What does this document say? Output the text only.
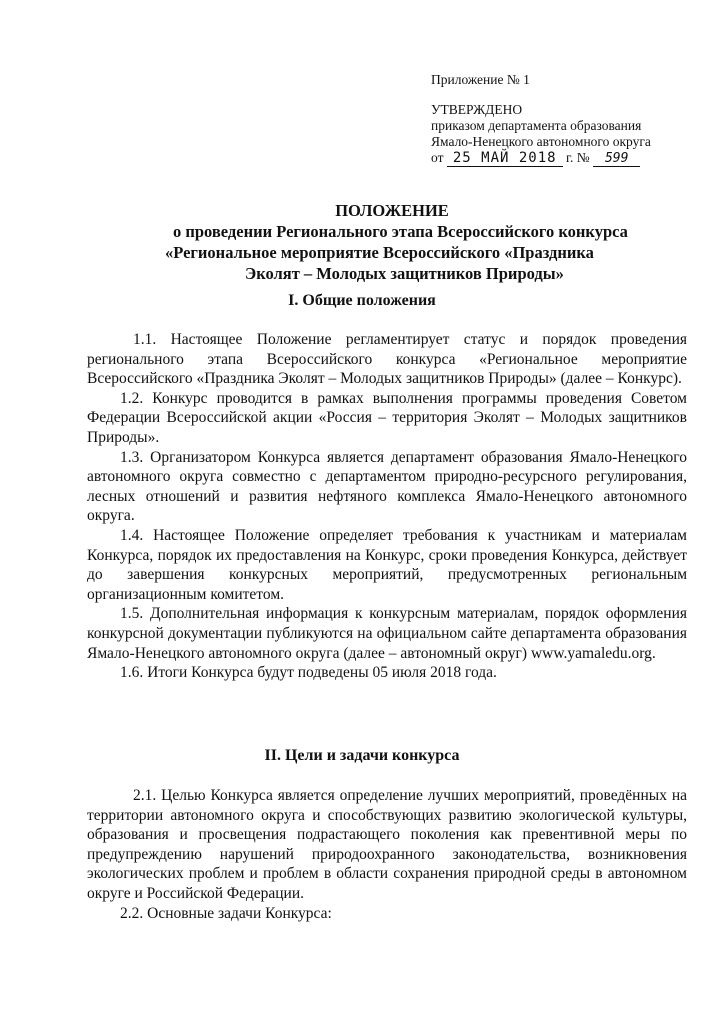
Приложение № 1
УТВЕРЖДЕНО
приказом департамента образования
Ямало-Ненецкого автономного округа
от 25 МАЙ 2018 г. № 599
ПОЛОЖЕНИЕ
о проведении Регионального этапа Всероссийского конкурса
«Региональное мероприятие Всероссийского «Праздника
Эколят – Молодых защитников Природы»
I. Общие положения

1.1. Настоящее Положение регламентирует статус и порядок проведения регионального этапа Всероссийского конкурса «Региональное мероприятие Всероссийского «Праздника Эколят – Молодых защитников Природы» (далее – Конкурс).

1.2. Конкурс проводится в рамках выполнения программы проведения Советом Федерации Всероссийской акции «Россия – территория Эколят – Молодых защитников Природы».

1.3. Организатором Конкурса является департамент образования Ямало-Ненецкого автономного округа совместно с департаментом природно-ресурсного регулирования, лесных отношений и развития нефтяного комплекса Ямало-Ненецкого автономного округа.

1.4. Настоящее Положение определяет требования к участникам и материалам Конкурса, порядок их предоставления на Конкурс, сроки проведения Конкурса, действует до завершения конкурсных мероприятий, предусмотренных региональным организационным комитетом.

1.5. Дополнительная информация к конкурсным материалам, порядок оформления конкурсной документации публикуются на официальном сайте департамента образования Ямало-Ненецкого автономного округа (далее – автономный округ) www.yamaledu.org.

1.6. Итоги Конкурса будут подведены 05 июля 2018 года.

II. Цели и задачи конкурса

2.1. Целью Конкурса является определение лучших мероприятий, проведённых на территории автономного округа и способствующих развитию экологической культуры, образования и просвещения подрастающего поколения как превентивной меры по предупреждению нарушений природоохранного законодательства, возникновения экологических проблем и проблем в области сохранения природной среды в автономном округе и Российской Федерации.

2.2. Основные задачи Конкурса:
